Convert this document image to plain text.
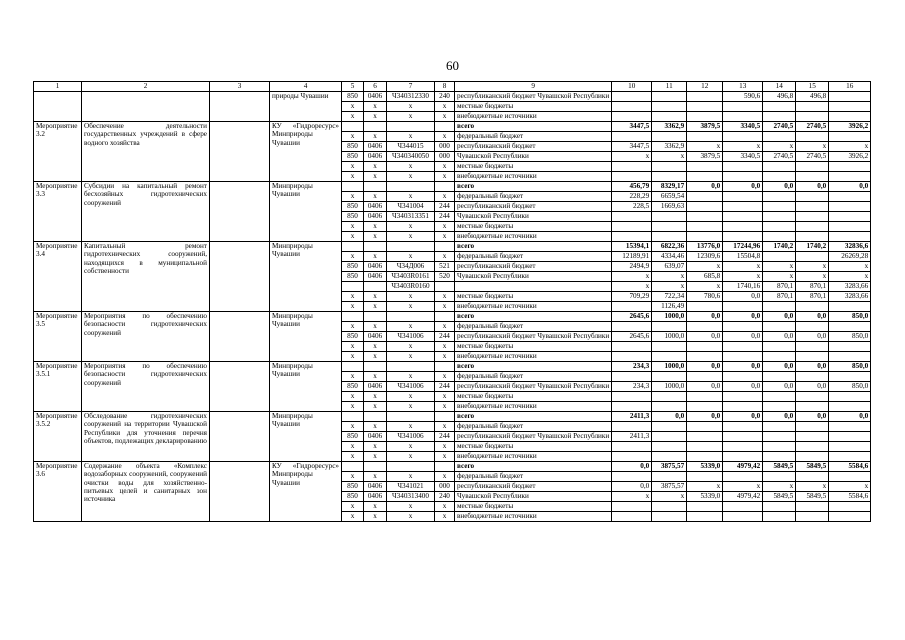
60
1	2	3	4	5	6	7	8	9	10	11	12	13	14	15	16
			природы Чувашии	850	0406	Ч340312330	240	республиканский бюджет Чувашской Республики				590,6	496,8	496,8	
				x	x	x	x	местные бюджеты							
				x	x	x	x	внебюджетные источники							
Мероприятие 3.2	Обеспечение деятельности государственных учреждений в сфере водного хозяйства		КУ «Гидроресурс» Минприроды Чувашии					всего	3447,5	3362,9	3879,5	3340,5	2740,5	2740,5	3926,2
				x	x	x	x	федеральный бюджет							
				850	0406	Ч344015	000	республиканский бюджет	3447,5	3362,9	x	x	x	x	x
				850	0406	Ч340340050	000	Чувашской Республики	x	x	3879,5	3340,5	2740,5	2740,5	3926,2
				x	x	x	x	местные бюджеты							
				x	x	x	x	внебюджетные источники							
Мероприятие 3.3	Субсидии на капитальный ремонт бесхозяйных гидротехнических сооружений		Минприроды Чувашии					всего	456,79	8329,17	0,0	0,0	0,0	0,0	0,0
				x	x	x	x	федеральный бюджет	228,29	6659,54					
				850	0406	Ч341004	244	республиканский бюджет	228,5	1669,63					
				850	0406	Ч340313351	244	Чувашской Республики							
				x	x	x	x	местные бюджеты							
				x	x	x	x	внебюджетные источники							
Мероприятие 3.4	Капитальный ремонт гидротехнических сооружений, находящихся в муниципальной собственности		Минприроды Чувашии					всего	15394,1	6822,36	13776,0	17244,96	1740,2	1740,2	32836,6
				x	x	x	x	федеральный бюджет	12189,91	4334,46	12309,6	15504,8			26269,28
				850	0406	Ч34Д006	521	республиканский бюджет	2494,9	639,07	x	x	x	x	x
				850	0406	Ч3403R0161	520	Чувашской Республики	x	x	685,8	x	x	x	x
						Ч3403R0160			x	x	x	1740,16	870,1	870,1	3283,66
				x	x	x	x	местные бюджеты	709,29	722,34	780,6	0,0	870,1	870,1	3283,66
				x	x	x	x	внебюджетные источники		1126,49					
Мероприятие 3.5	Мероприятия по обеспечению безопасности гидротехнических сооружений		Минприроды Чувашии					всего	2645,6	1000,0	0,0	0,0	0,0	0,0	850,0
				x	x	x	x	федеральный бюджет							
				850	0406	Ч341006	244	республиканский бюджет Чувашской Республики	2645,6	1000,0	0,0	0,0	0,0	0,0	850,0
				x	x	x	x	местные бюджеты							
				x	x	x	x	внебюджетные источники							
Мероприятие 3.5.1	Мероприятия по обеспечению безопасности гидротехнических сооружений		Минприроды Чувашии					всего	234,3	1000,0	0,0	0,0	0,0	0,0	850,0
				x	x	x	x	федеральный бюджет							
				850	0406	Ч341006	244	республиканский бюджет Чувашской Республики	234,3	1000,0	0,0	0,0	0,0	0,0	850,0
				x	x	x	x	местные бюджеты							
				x	x	x	x	внебюджетные источники							
Мероприятие 3.5.2	Обследование гидротехнических сооружений на территории Чувашской Республики для уточнения перечня объектов, подлежащих декларированию		Минприроды Чувашии					всего	2411,3	0,0	0,0	0,0	0,0	0,0	0,0
				x	x	x	x	федеральный бюджет							
				850	0406	Ч341006	244	республиканский бюджет Чувашской Республики	2411,3						
				x	x	x	x	местные бюджеты							
				x	x	x	x	внебюджетные источники							
Мероприятие 3.6	Содержание объекта «Комплекс водозаборных сооружений, сооружений очистки воды для хозяйственно-питьевых целей и санитарных зон источника		КУ «Гидроресурс» Минприроды Чувашии					всего	0,0	3875,57	5339,0	4979,42	5849,5	5849,5	5584,6
				x	x	x	x	федеральный бюджет							
				850	0406	Ч341021	000	республиканский бюджет	0,0	3875,57	x	x	x	x	x
				850	0406	Ч340313400	240	Чувашской Республики	x	x	5339,0	4979,42	5849,5	5849,5	5584,6
				x	x	x	x	местные бюджеты							
				x	x	x	x	внебюджетные источники							
